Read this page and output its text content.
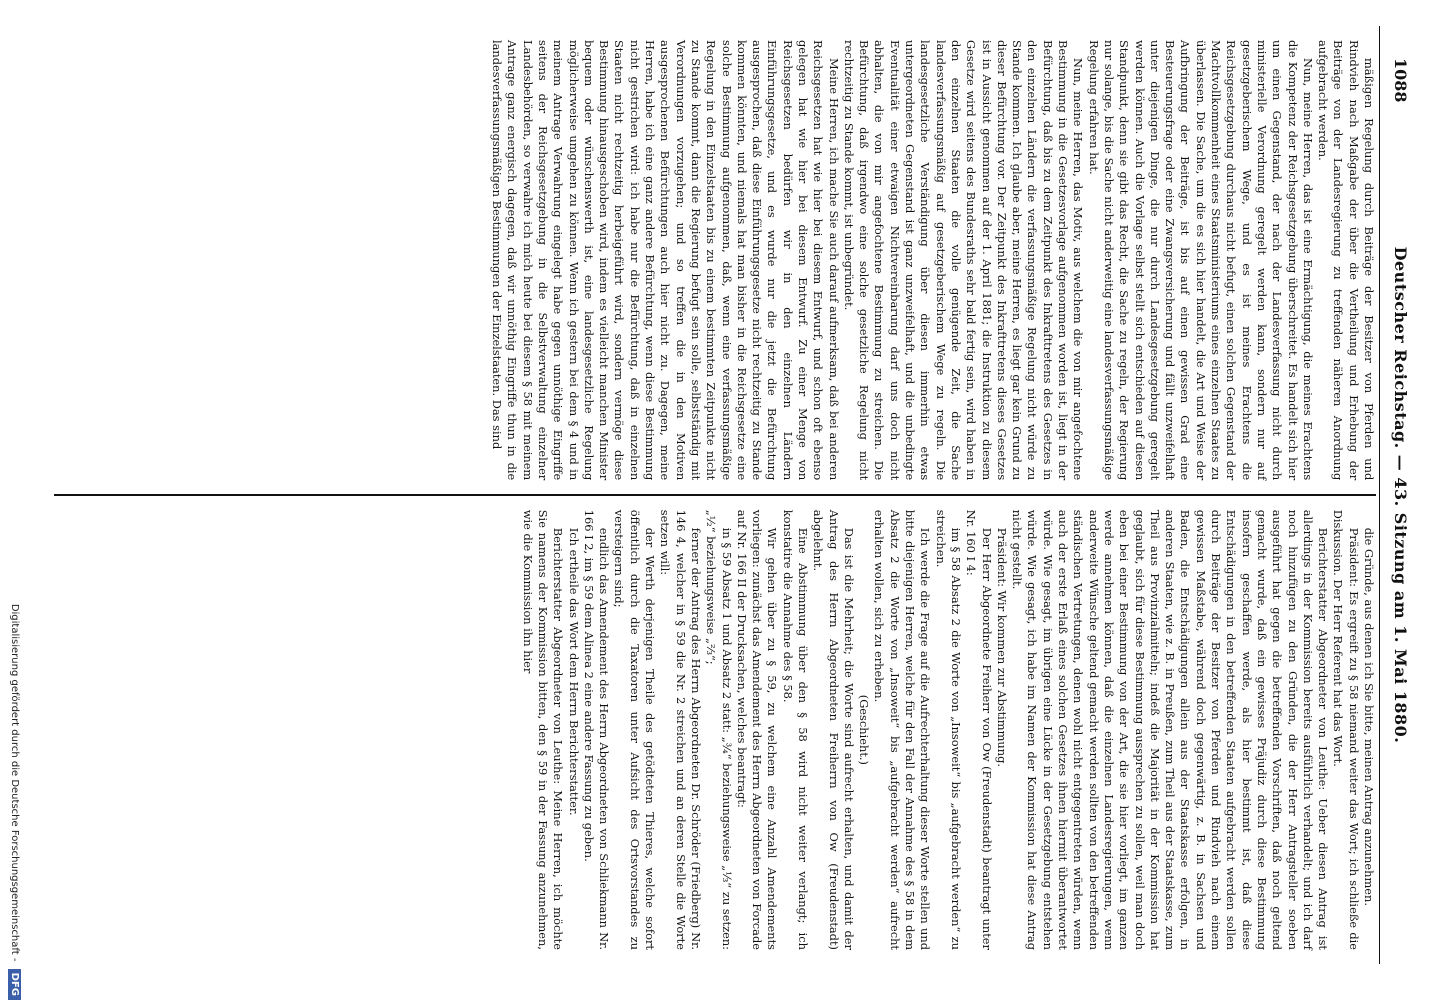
1088
Deutscher Reichstag. — 43. Sitzung am 1. Mai 1880.

mäßigen Regelung durch Beiträge der Besitzer von Pferden und Rindvieh nach Maßgabe der über die Vertheilung und Erhebung der Beiträge von der Landesregierung zu treffenden näheren Anordnung aufgebracht werden.

Nun, meine Herren, das ist eine Ermächtigung, die meines Erachtens die Kompetenz der Reichsgesetzgebung überschreitet. Es handelt sich hier um einen Gegenstand, der nach der Landesverfassung nicht durch ministerielle Verordnung geregelt werden kann, sondern nur auf gesetzgeberischem Wege, und es ist meines Erachtens die Reichsgesetzgebung durchaus nicht befugt, einen solchen Gegenstand der Machtvollkommenheit eines Staatsministeriums eines einzelnen Staates zu überlassen. Die Sache, um die es sich hier handelt, die Art und Weise der Aufbringung der Beiträge, ist bis auf einen gewissen Grad eine Besteuerungsfrage oder eine Zwangsversicherung und fällt unzweifelhaft unter diejenigen Dinge, die nur durch Landesgesetzgebung geregelt werden können. Auch die Vorlage selbst stellt sich entschieden auf diesen Standpunkt, denn sie gibt das Recht, die Sache zu regeln, der Regierung nur solange, bis die Sache nicht anderweitig eine landesverfassungsmäßige Regelung erfahren hat.

Nun, meine Herren, das Motiv, aus welchem die von mir angefochtene Bestimmung in die Gesetzesvorlage aufgenommen worden ist, liegt in der Befürchtung, daß bis zu dem Zeitpunkt des Inkrafttretens des Gesetzes in den einzelnen Ländern die verfassungsmäßige Regelung nicht würde zu Stande kommen. Ich glaube aber, meine Herren, es liegt gar kein Grund zu dieser Befürchtung vor. Der Zeitpunkt des Inkrafttretens dieses Gesetzes ist in Aussicht genommen auf der 1. April 1881; die Instruktion zu diesem Gesetze wird seitens des Bundesraths sehr bald fertig sein, wird haben in den einzelnen Staaten die volle genügende Zeit, die Sache landesverfassungsmäßig auf gesetzgeberischem Wege zu regeln. Die landesgesetzliche Verständigung über diesen immerhin etwas untergeordneten Gegenstand ist ganz unzweifelhaft, und die unbedingte Eventualität einer etwaigen Nichtvereinbarung darf uns doch nicht abhalten, die von mir angefochtene Bestimmung zu streichen. Die Befürchtung, daß irgendwo eine solche gesetzliche Regelung nicht rechtzeitig zu Stande kommt, ist unbegründet.

Meine Herren, ich mache Sie auch darauf aufmerksam, daß bei anderen Reichsgesetzen hat wie hier bei diesem Entwurf, und schon oft ebenso gelegen hat wie hier bei diesem Entwurf. Zu einer Menge von Reichsgesetzen bedürfen wir in den einzelnen Ländern Einführungsgesetze, und es wurde nur die jetzt die Befürchtung ausgesprochen, daß diese Einführungsgesetze nicht rechtzeitig zu Stande kommen könnten, und niemals hat man bisher in die Reichsgesetze eine solche Bestimmung aufgenommen, daß, wenn eine verfassungsmäßige Regelung in den Einzelstaaten bis zu einem bestimmten Zeitpunkte nicht zu Stande kommt, dann die Regierung befugt sein solle, selbstständig mit Verordnungen vorzugehen; und so treffen die in den Motiven ausgesprochenen Befürchtungen auch hier nicht zu. Dagegen, meine Herren, habe ich eine ganz andere Befürchtung, wenn diese Bestimmung nicht gestrichen wird: ich habe nur die Befürchtung, daß in einzelnen Staaten nicht rechtzeitig herbeigeführt wird, sondern vermöge diese Bestimmung hinausgeschoben wird, indem es vielleicht manchen Minister bequem oder wünschenswerth ist, eine landesgesetzliche Regelung möglicherweise umgehen zu können. Wenn ich gestern bei dem § 4 und in meinem Antrage Verwahrung eingelegt habe gegen unnöthige Eingriffe seitens der Reichsgesetzgebung in die Selbstverwaltung einzelner Landesbehörden, so verwahre ich mich heute bei diesem § 58 mit meinem Antrage ganz energisch dagegen, daß wir unnöthig Eingriffe thun in die landesverfassungsmäßigen Bestimmungen der Einzelstaaten. Das sind

die Gründe, aus denen ich Sie bitte, meinen Antrag anzunehmen.

Präsident: Es ergreift zu § 58 niemand weiter das Wort; ich schließe die Diskussion. Der Herr Referent hat das Wort.

Berichterstatter Abgeordneter von Leuthe: Ueber diesen Antrag ist allerdings in der Kommission bereits ausführlich verhandelt; und ich darf noch hinzufügen zu den Gründen, die der Herr Antragsteller soeben ausgeführt hat gegen die betreffenden Vorschriften, daß noch geltend gemacht wurde, daß ein gewisses Präjudiz durch diese Bestimmung insofern geschaffen werde, als hier bestimmt ist, daß diese Entschädigungen in den betreffenden Staaten aufgebracht werden sollen durch Beiträge der Besitzer von Pferden und Rindvieh nach einem gewissen Maßstabe, während doch gegenwärtig, z. B. in Sachsen und Baden, die Entschädigungen allein aus der Staatskasse erfolgen, in anderen Staaten, wie z. B. in Preußen, zum Theil aus der Staatskasse, zum Theil aus Provinzialmitteln; indeß die Majorität in der Kommission hat geglaubt, sich für diese Bestimmung aussprechen zu sollen, weil man doch eben bei einer Bestimmung von der Art, die sie hier vorliegt, im ganzen werde annehmen können, daß die einzelnen Landesregierungen, wenn anderweite Wünsche geltend gemacht werden sollten von den betreffenden ständischen Vertretungen, denen wohl nicht entgegentreten würden, wenn auch der erste Erlaß eines solchen Gesetzes ihnen hiermit überantwortet würde. Wie gesagt, im übrigen eine Lücke in der Gesetzgebung entstehen würde. Wie gesagt, ich habe im Namen der Kommission hat diese Antrag nicht gestellt.

Präsident: Wir kommen zur Abstimmung.

Der Herr Abgeordnete Freiherr von Ow (Freudenstadt) beantragt unter Nr. 160 I 4:

im § 58 Absatz 2 die Worte von „Insoweit“ bis „aufgebracht werden“ zu streichen.

Ich werde die Frage auf die Aufrechterhaltung dieser Worte stellen und bitte diejenigen Herren, welche für den Fall der Annahme des § 58 in dem Absatz 2 die Worte von „Insoweit“ bis „aufgebracht werden“ aufrecht erhalten wollen, sich zu erheben.

(Geschieht.)

Das ist die Mehrheit; die Worte sind aufrecht erhalten, und damit der Antrag des Herrn Abgeordneten Freiherrn von Ow (Freudenstadt) abgelehnt.

Eine Abstimmung über den § 58 wird nicht weiter verlangt; ich konstatire die Annahme des § 58.

Wir gehen über zu § 59, zu welchem eine Anzahl Amendements vorliegen: zunächst das Amendement des Herrn Abgeordneten von Forcade auf Nr. 166 II der Drucksachen, welches beantragt:

in § 59 Absatz 1 und Absatz 2 statt: „¾“ beziehungsweise „⅓“ zu setzen: „½“ beziehungsweise „⅔“;

ferner der Antrag des Herrn Abgeordneten Dr. Schröder (Friedberg) Nr. 146 4, welcher in § 59 die Nr. 2 streichen und an deren Stelle die Worte setzen will:

der Werth derjenigen Theile des getödteten Thieres, welche sofort öffentlich durch die Taxatoren unter Aufsicht des Ortsvorstandes zu versteigern sind;

endlich das Amendement des Herrn Abgeordneten von Schliekmann Nr. 166 I 2, im § 59 dem Alinea 2 eine andere Fassung zu geben.

Ich ertheile das Wort dem Herrn Berichterstatter.

Berichterstatter Abgeordneter von Leuthe: Meine Herren, ich möchte Sie namens der Kommission bitten, den § 59 in der Fassung anzunehmen, wie die Kommission ihn hier

Digitalisierung gefördert durch die Deutsche Forschungsgemeinschaft - DFG
